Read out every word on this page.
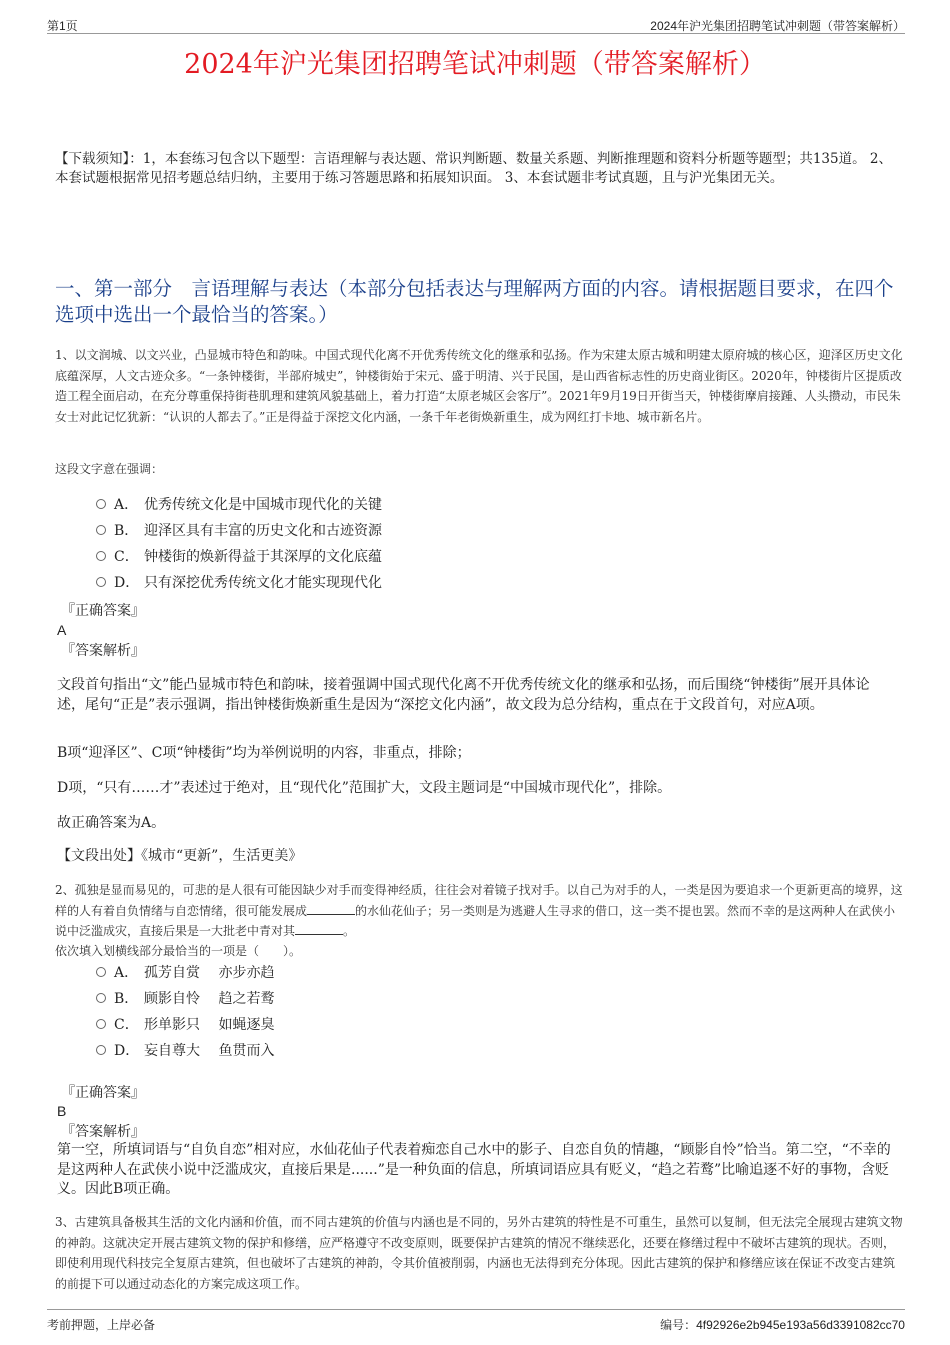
第1页	2024年沪光集团招聘笔试冲刺题（带答案解析）
2024年沪光集团招聘笔试冲刺题（带答案解析）
【下载须知】：1，本套练习包含以下题型：言语理解与表达题、常识判断题、数量关系题、判断推理题和资料分析题等题型；共135道。 2、本套试题根据常见招考题总结归纳，主要用于练习答题思路和拓展知识面。 3、本套试题非考试真题，且与沪光集团无关。
一、第一部分　言语理解与表达（本部分包括表达与理解两方面的内容。请根据题目要求，在四个选项中选出一个最恰当的答案。）
1、以文润城、以文兴业，凸显城市特色和韵味。中国式现代化离不开优秀传统文化的继承和弘扬。作为宋建太原古城和明建太原府城的核心区，迎泽区历史文化底蕴深厚，人文古迹众多。“一条钟楼街，半部府城史”，钟楼街始于宋元、盛于明清、兴于民国，是山西省标志性的历史商业街区。2020年，钟楼街片区提质改造工程全面启动，在充分尊重保持街巷肌理和建筑风貌基础上，着力打造“太原老城区会客厅”。2021年9月19日开街当天，钟楼街摩肩接踵、人头攒动，市民朱女士对此记忆犹新：“认识的人都去了。”正是得益于深挖文化内涵，一条千年老街焕新重生，成为网红打卡地、城市新名片。
这段文字意在强调：
A． 优秀传统文化是中国城市现代化的关键
B． 迎泽区具有丰富的历史文化和古迹资源
C． 钟楼街的焕新得益于其深厚的文化底蕴
D． 只有深挖优秀传统文化才能实现现代化
『正确答案』
A
『答案解析』
文段首句指出“文”能凸显城市特色和韵味，接着强调中国式现代化离不开优秀传统文化的继承和弘扬，而后围绕“钟楼街”展开具体论述，尾句“正是”表示强调，指出钟楼街焕新重生是因为“深挖文化内涵”，故文段为总分结构，重点在于文段首句，对应A项。
B项“迎泽区”、C项“钟楼街”均为举例说明的内容，非重点，排除；
D项，“只有……才”表述过于绝对，且“现代化”范围扩大，文段主题词是“中国城市现代化”，排除。
故正确答案为A。
【文段出处】《城市“更新”，生活更美》
2、孤独是显而易见的，可悲的是人很有可能因缺少对手而变得神经质，往往会对着镜子找对手。以自己为对手的人，一类是因为要追求一个更新更高的境界，这样的人有着自负情绪与自恋情绪，很可能发展成	的水仙花仙子；另一类则是为逃避人生寻求的借口，这一类不提也罢。然而不幸的是这两种人在武侠小说中泛滥成灾，直接后果是一大批老中青对其	。
依次填入划横线部分最恰当的一项是（　　）。
A． 孤芳自赏　 亦步亦趋
B． 顾影自怜　 趋之若鹜
C． 形单影只　 如蝇逐臭
D． 妄自尊大　 鱼贯而入
『正确答案』
B
『答案解析』
第一空，所填词语与“自负自恋”相对应，水仙花仙子代表着痴恋自己水中的影子、自恋自负的情趣，“顾影自怜”恰当。第二空，“不幸的是这两种人在武侠小说中泛滥成灾，直接后果是......”是一种负面的信息，所填词语应具有贬义，“趋之若鹜”比喻追逐不好的事物，含贬义。因此B项正确。
3、古建筑具备极其生活的文化内涵和价值，而不同古建筑的价值与内涵也是不同的，另外古建筑的特性是不可重生，虽然可以复制，但无法完全展现古建筑文物的神韵。这就决定开展古建筑文物的保护和修缮，应严格遵守不改变原则，既要保护古建筑的情况不继续恶化，还要在修缮过程中不破坏古建筑的现状。否则，即使利用现代科技完全复原古建筑，但也破坏了古建筑的神韵，令其价值被削弱，内涵也无法得到充分体现。因此古建筑的保护和修缮应该在保证不改变古建筑的前提下可以通过动态化的方案完成这项工作。
考前押题，上岸必备	编号：4f92926e2b945e193a56d3391082cc70
